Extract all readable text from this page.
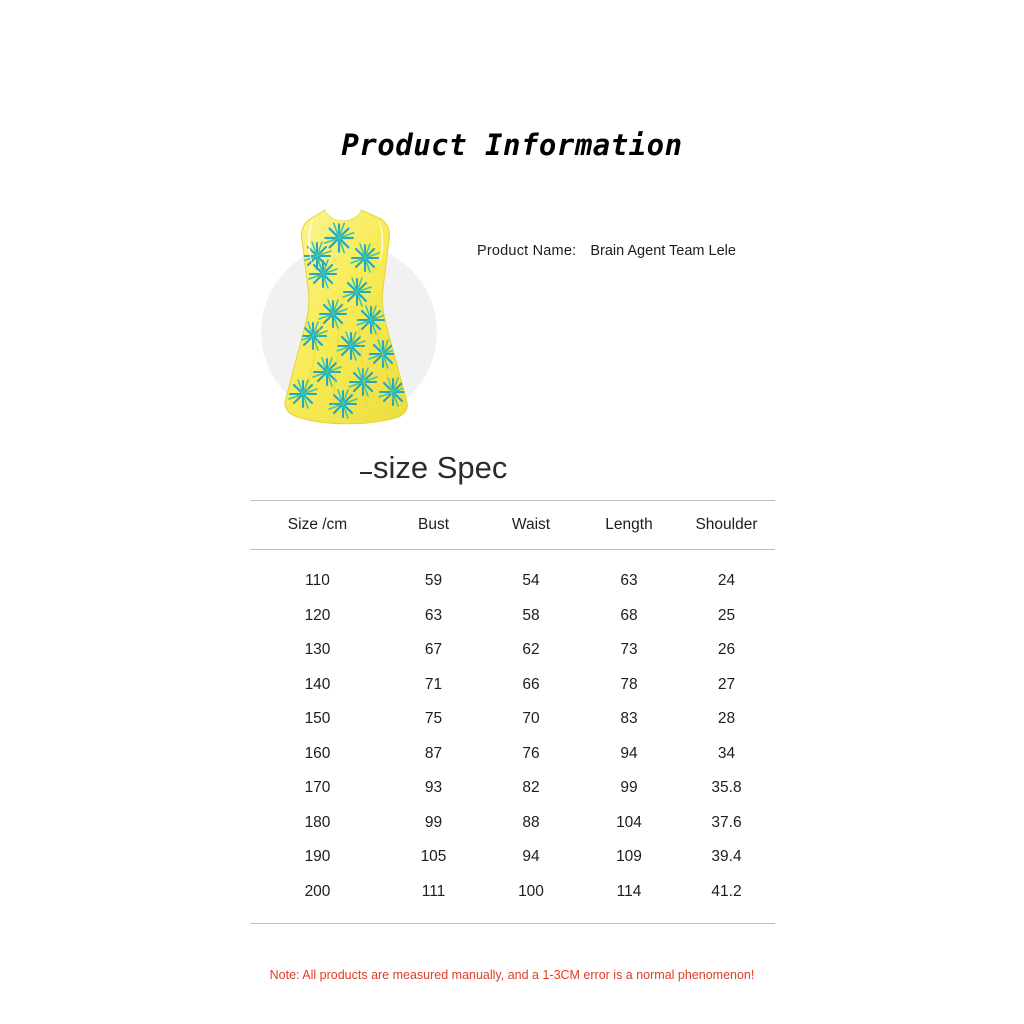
Product Information
Product Name: Brain Agent Team Lele
size Spec
Size /cm	Bust	Waist	Length	Shoulder
110	59	54	63	24
120	63	58	68	25
130	67	62	73	26
140	71	66	78	27
150	75	70	83	28
160	87	76	94	34
170	93	82	99	35.8
180	99	88	104	37.6
190	105	94	109	39.4
200	111	100	114	41.2
Note: All products are measured manually, and a 1-3CM error is a normal phenomenon!
